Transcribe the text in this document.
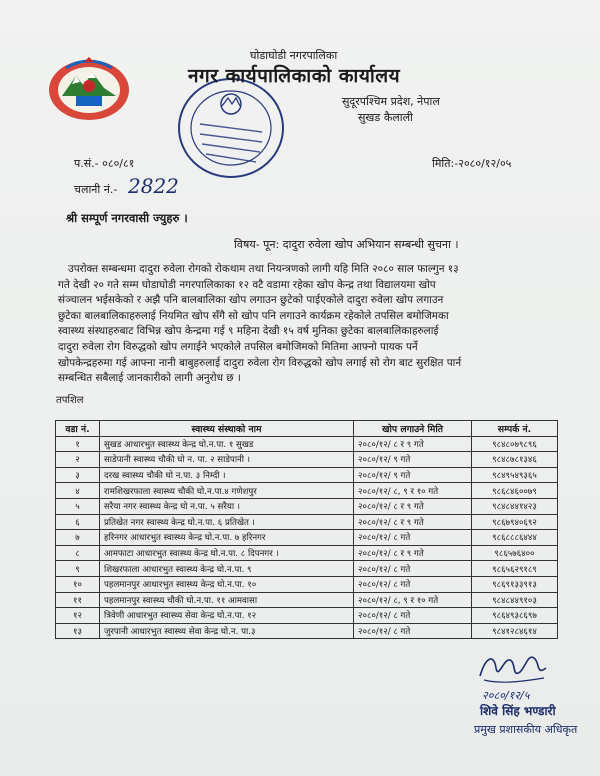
घोडाघोडी नगरपालिका
नगर कार्यपालिकाको कार्यालय
सुदूरपश्चिम प्रदेश, नेपाल
सुखड कैलाली
प.सं.- ०८०/८१	मिति:-२०८०/१२/०५
चलानी नं.- 2822
श्री सम्पूर्ण नगरवासी ज्युहरु ।
विषय- पून: दादुरा रुवेला खोप अभियान सम्बन्धी सुचना ।
उपरोक्त सम्बन्धमा दादुरा रुवेला रोगको रोकथाम तथा नियन्त्रणको लागी यहि मिति २०८० साल फाल्गुन १३
गते देखी २० गते सम्म घोडाघोडी नगरपालिकाका १२ वटै वडामा रहेका खोप केन्द्र तथा विद्यालयमा खोप
संञ्चालन भईसकेको र अझै पनि बालबालिका खोप लगाउन छुटेको पाईएकोले दादुरा रुवेला खोप लगाउन
छुटेका बालबालिकाहरुलाई नियमित खोप सँगै सो खोप पनि लगाउने कार्यक्रम रहेकोले तपसिल बमोजिमका
स्वास्थ्य संस्थाहरुबाट विभिन्न खोप केन्द्रमा गई ९ महिना देखी १५ वर्ष मुनिका छुटेका बालबालिकाहरुलाई
दादुरा रुवेला रोग विरुद्धको खोप लगाईने भएकोले तपसिल बमोजिमको मितिमा आफ्नो पायक पर्ने
खोपकेन्द्रहरुमा गई आफ्ना नानी बाबुहरुलाई दादुरा रुवेला रोग विरुद्धको खोप लगाई सो रोग बाट सुरक्षित पार्न
सम्बन्धित सबैलाई जानकारीको लागी अनुरोध छ ।
तपशिल
वडा नं.	स्वास्थ्य संस्थाको नाम	खोप लगाउने मिति	सम्पर्क नं.
१	सुखड आधारभुत स्वास्थ्य केन्द्र घो.न.पा. १ सुखड	२०८०/१२/ ८ र ९ गते	९८४८०७९८९६
२	साडेपानी स्वास्थ्य चौकी घो न. पा. २ साडेपानी ।	२०८०/१२/ ९ गते	९८४८७८१३४६
३	दरख स्वास्थ्य चौकी घो न.पा. ३ निम्दी ।	२०८०/१२/ ९ गते	९८४९५४९३६५
४	रामशिखरफाला स्वास्थ्य चौकी घो.न.पा.४ गणेशपुर	२०८०/१२/ ८, ९ र १० गते	९८६८४६००७९
५	सरैया नगर स्वास्थ्य केन्द्र घो न.पा. ५ सरैया ।	२०८०/१२/ ८ र ९ गते	९८४८४४१४२३
६	प्रतिखेत नगर स्वास्थ्य केन्द्र घो.न.पा. ६ प्रतिखेत ।	२०८०/१२/ ८ र ९ गते	९८६७९४०६९२
७	हरिनगर आधारभुत स्वास्थ्य केन्द्र घो.न.पा. ७ हरिनगर	२०८०/१२/ ८ गते	९८६८८८६४४४
८	आमफाटा आधारभुत स्वास्थ्य केन्द्र घो.न.पा. ८ दिपनगर ।	२०८०/१२/ ८ र ९ गते	९८६५७६४००
९	शिखरफाला आधारभुत स्वास्थ्य केन्द्र घो.न.पा. ९	२०८०/१२/ ८ गते	९८६५६२९१८९
१०	पहलमानपुर आधारभुत स्वास्थ्य केन्द्र घो.न.पा. १०	२०८०/१२/ ८ गते	९८६९१३३९१३
११	पहलमानपुर स्वास्थ्य चौकी घो.न.पा. ११ आमवासा	२०८०/१२/ ८, ९ र १० गते	९८४८४४९१०३
१२	त्रिवेणी आधारभुत स्वास्थ्य सेवा केन्द्र घो.न.पा. १२	२०८०/१२/ ८ गते	९८६४९३८६९७
१३	जुरपानी आधारभुत स्वास्थ्य सेवा केन्द्र घो.न. पा.३	२०८०/१२/ ८ गते	९८४१२८४६१४
२०८०/१२/५
शिवे सिंह भण्डारी
प्रमुख प्रशासकीय अधिकृत
